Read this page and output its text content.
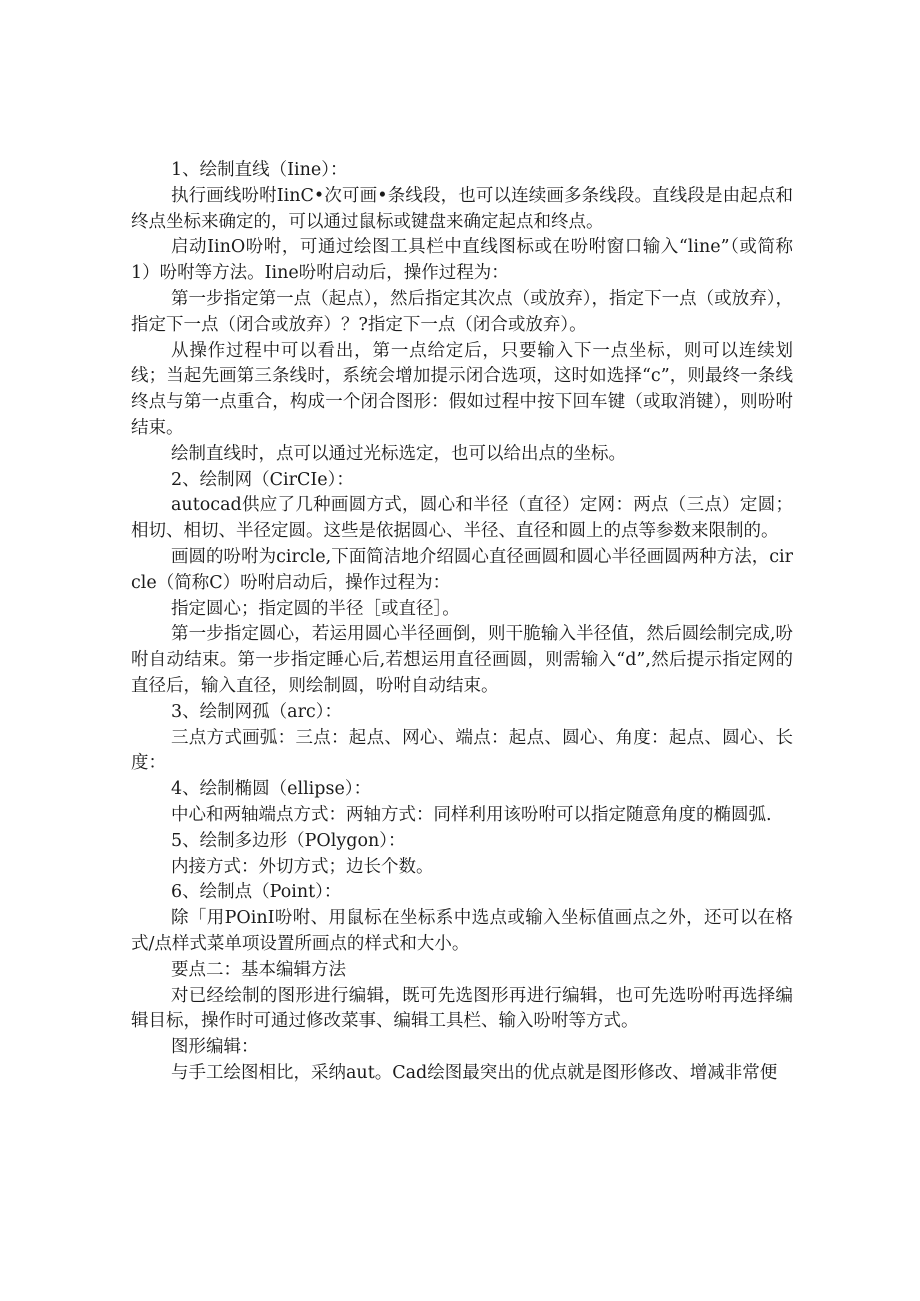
1、绘制直线（Iine）：

执行画线吩咐IinC•次可画•条线段，也可以连续画多条线段。直线段是由起点和终点坐标来确定的，可以通过鼠标或键盘来确定起点和终点。

启动IinO吩咐，可通过绘图工具栏中直线图标或在吩咐窗口输入“line”（或简称1）吩咐等方法。Iine吩咐启动后，操作过程为：

第一步指定第一点（起点），然后指定其次点（或放弃），指定下一点（或放弃），指定下一点（闭合或放弃）？?指定下一点（闭合或放弃）。

从操作过程中可以看出，第一点给定后，只要输入下一点坐标，则可以连续划线；当起先画第三条线时，系统会增加提示闭合选项，这时如选择“c”，则最终一条线终点与第一点重合，构成一个闭合图形：假如过程中按下回车键（或取消键），则吩咐结束。

绘制直线时，点可以通过光标选定，也可以给出点的坐标。

2、绘制网（CirCIe）：

autocad供应了几种画圆方式，圆心和半径（直径）定网：两点（三点）定圆；相切、相切、半径定圆。这些是依据圆心、半径、直径和圆上的点等参数来限制的。

画圆的吩咐为circle,下面简洁地介绍圆心直径画圆和圆心半径画圆两种方法，circle（简称C）吩咐启动后，操作过程为：

指定圆心；指定圆的半径［或直径］。

第一步指定圆心，若运用圆心半径画倒，则干脆输入半径值，然后圆绘制完成,吩咐自动结束。第一步指定睡心后,若想运用直径画圆，则需输入“d”,然后提示指定网的直径后，输入直径，则绘制圆，吩咐自动结束。

3、绘制网孤（arc）：

三点方式画弧：三点：起点、网心、端点：起点、圆心、角度：起点、圆心、长度：

4、绘制椭圆（ellipse）：

中心和两轴端点方式：两轴方式：同样利用该吩咐可以指定随意角度的椭圆弧.

5、绘制多边形（POlygon）：

内接方式：外切方式；边长个数。

6、绘制点（Point）：

除「用POinI吩咐、用鼠标在坐标系中选点或输入坐标值画点之外，还可以在格式/点样式菜单项设置所画点的样式和大小。

要点二：基本编辑方法

对已经绘制的图形进行编辑，既可先选图形再进行编辑，也可先选吩咐再选择编辑目标，操作时可通过修改菜事、编辑工具栏、输入吩咐等方式。

图形编辑：

与手工绘图相比，采纳aut。Cad绘图最突出的优点就是图形修改、增减非常便
